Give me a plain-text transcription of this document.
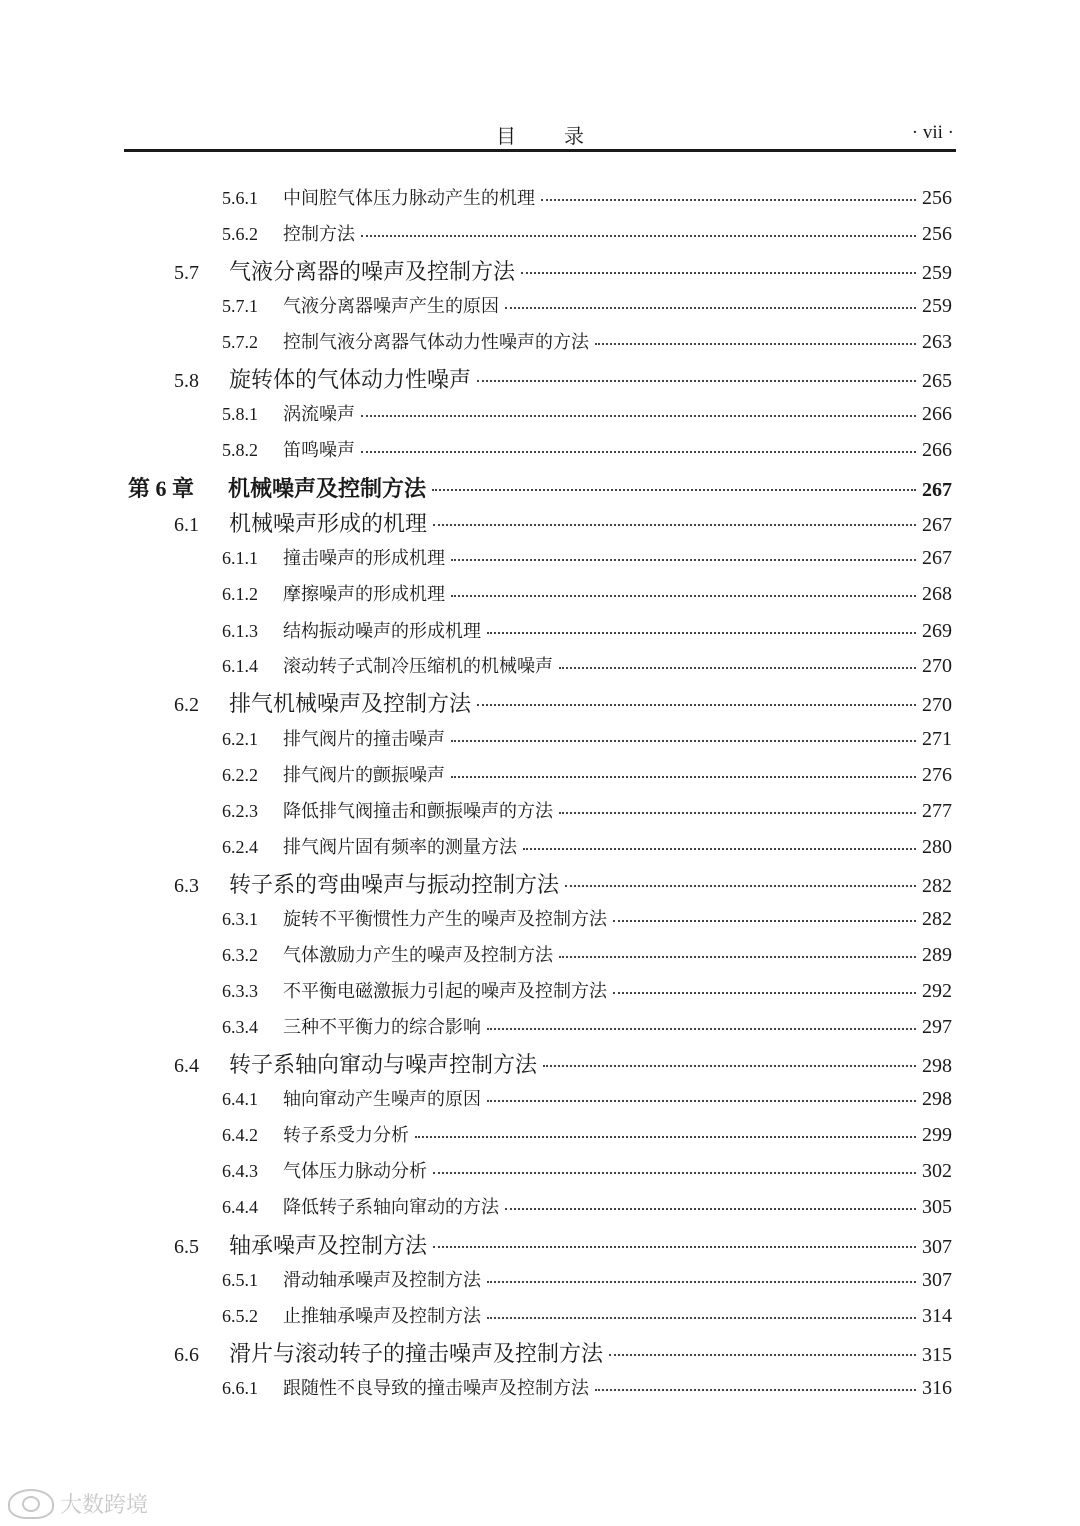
目录	· vii ·
5.6.1	中间腔气体压力脉动产生的机理	256
5.6.2	控制方法	256
5.7	气液分离器的噪声及控制方法	259
5.7.1	气液分离器噪声产生的原因	259
5.7.2	控制气液分离器气体动力性噪声的方法	263
5.8	旋转体的气体动力性噪声	265
5.8.1	涡流噪声	266
5.8.2	笛鸣噪声	266
第 6 章	机械噪声及控制方法	267
6.1	机械噪声形成的机理	267
6.1.1	撞击噪声的形成机理	267
6.1.2	摩擦噪声的形成机理	268
6.1.3	结构振动噪声的形成机理	269
6.1.4	滚动转子式制冷压缩机的机械噪声	270
6.2	排气机械噪声及控制方法	270
6.2.1	排气阀片的撞击噪声	271
6.2.2	排气阀片的颤振噪声	276
6.2.3	降低排气阀撞击和颤振噪声的方法	277
6.2.4	排气阀片固有频率的测量方法	280
6.3	转子系的弯曲噪声与振动控制方法	282
6.3.1	旋转不平衡惯性力产生的噪声及控制方法	282
6.3.2	气体激励力产生的噪声及控制方法	289
6.3.3	不平衡电磁激振力引起的噪声及控制方法	292
6.3.4	三种不平衡力的综合影响	297
6.4	转子系轴向窜动与噪声控制方法	298
6.4.1	轴向窜动产生噪声的原因	298
6.4.2	转子系受力分析	299
6.4.3	气体压力脉动分析	302
6.4.4	降低转子系轴向窜动的方法	305
6.5	轴承噪声及控制方法	307
6.5.1	滑动轴承噪声及控制方法	307
6.5.2	止推轴承噪声及控制方法	314
6.6	滑片与滚动转子的撞击噪声及控制方法	315
6.6.1	跟随性不良导致的撞击噪声及控制方法	316
大数跨境
